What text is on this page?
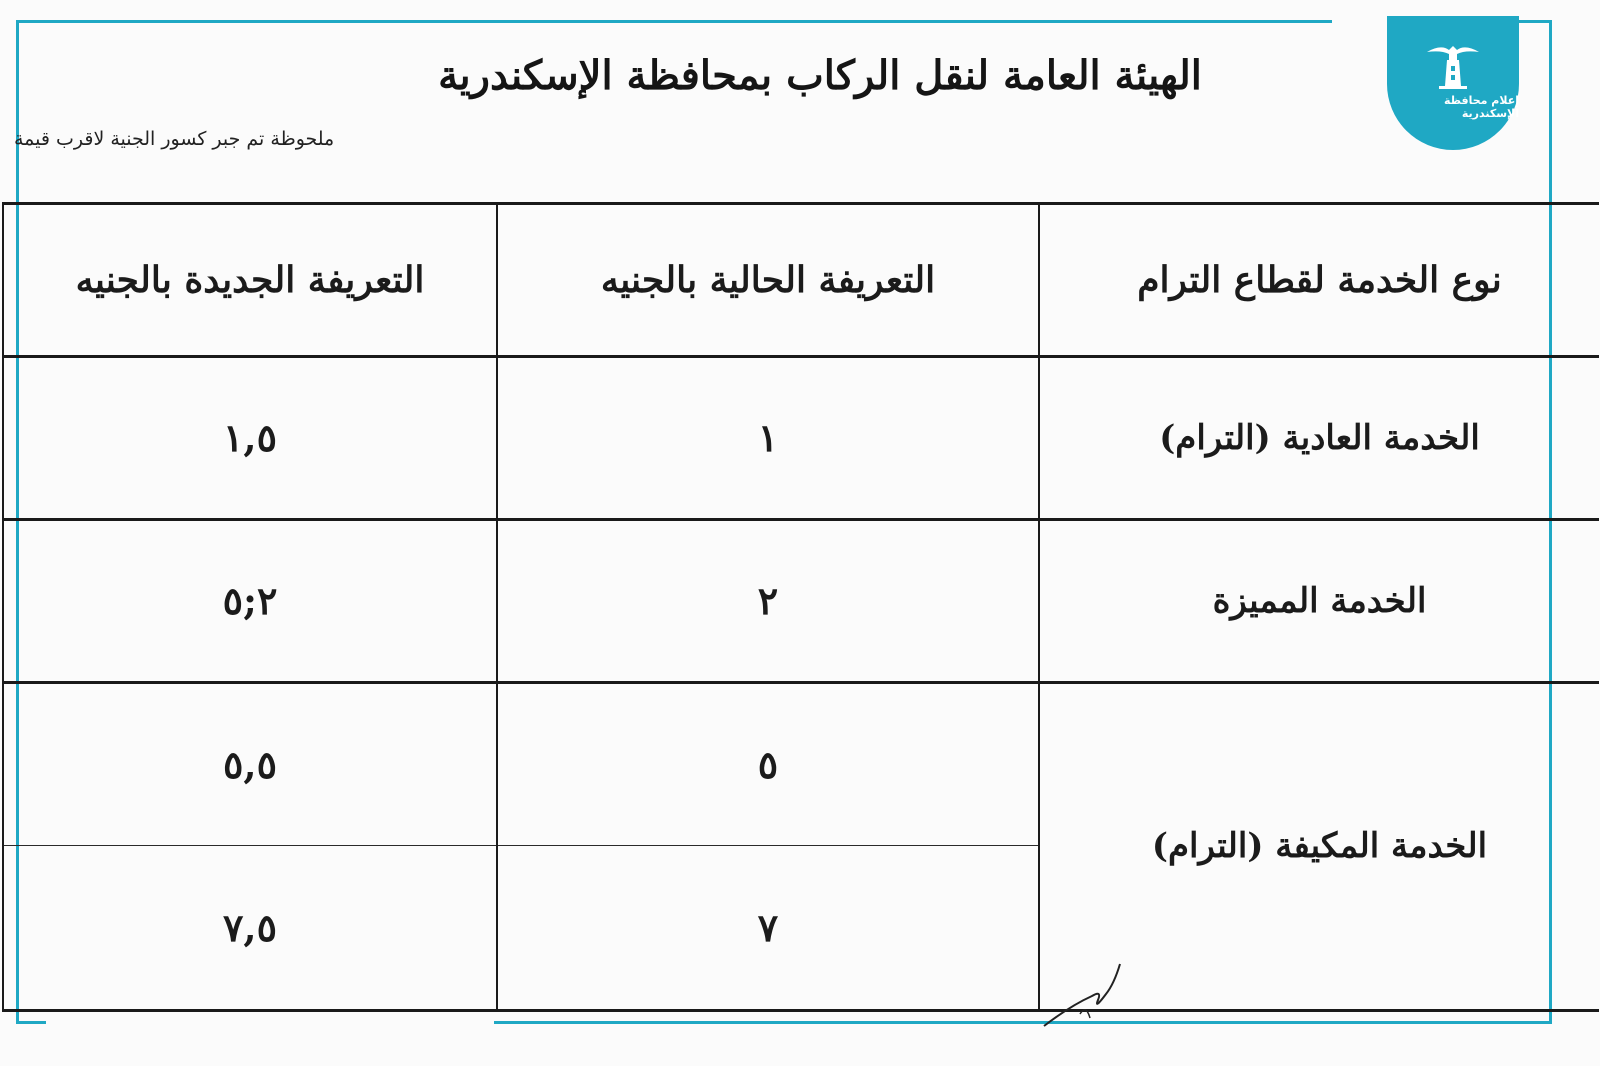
إعلام محافظة الإسكندرية
الهيئة العامة لنقل الركاب بمحافظة الإسكندرية
ملحوظة تم جبر كسور الجنية لاقرب قيمة
نوع الخدمة لقطاع الترام	التعريفة الحالية بالجنيه	التعريفة الجديدة بالجنيه
الخدمة العادية (الترام)	١	١,٥
الخدمة المميزة	٢	٢;٥
الخدمة المكيفة (الترام)	٥	٥,٥
	٧	٧,٥
